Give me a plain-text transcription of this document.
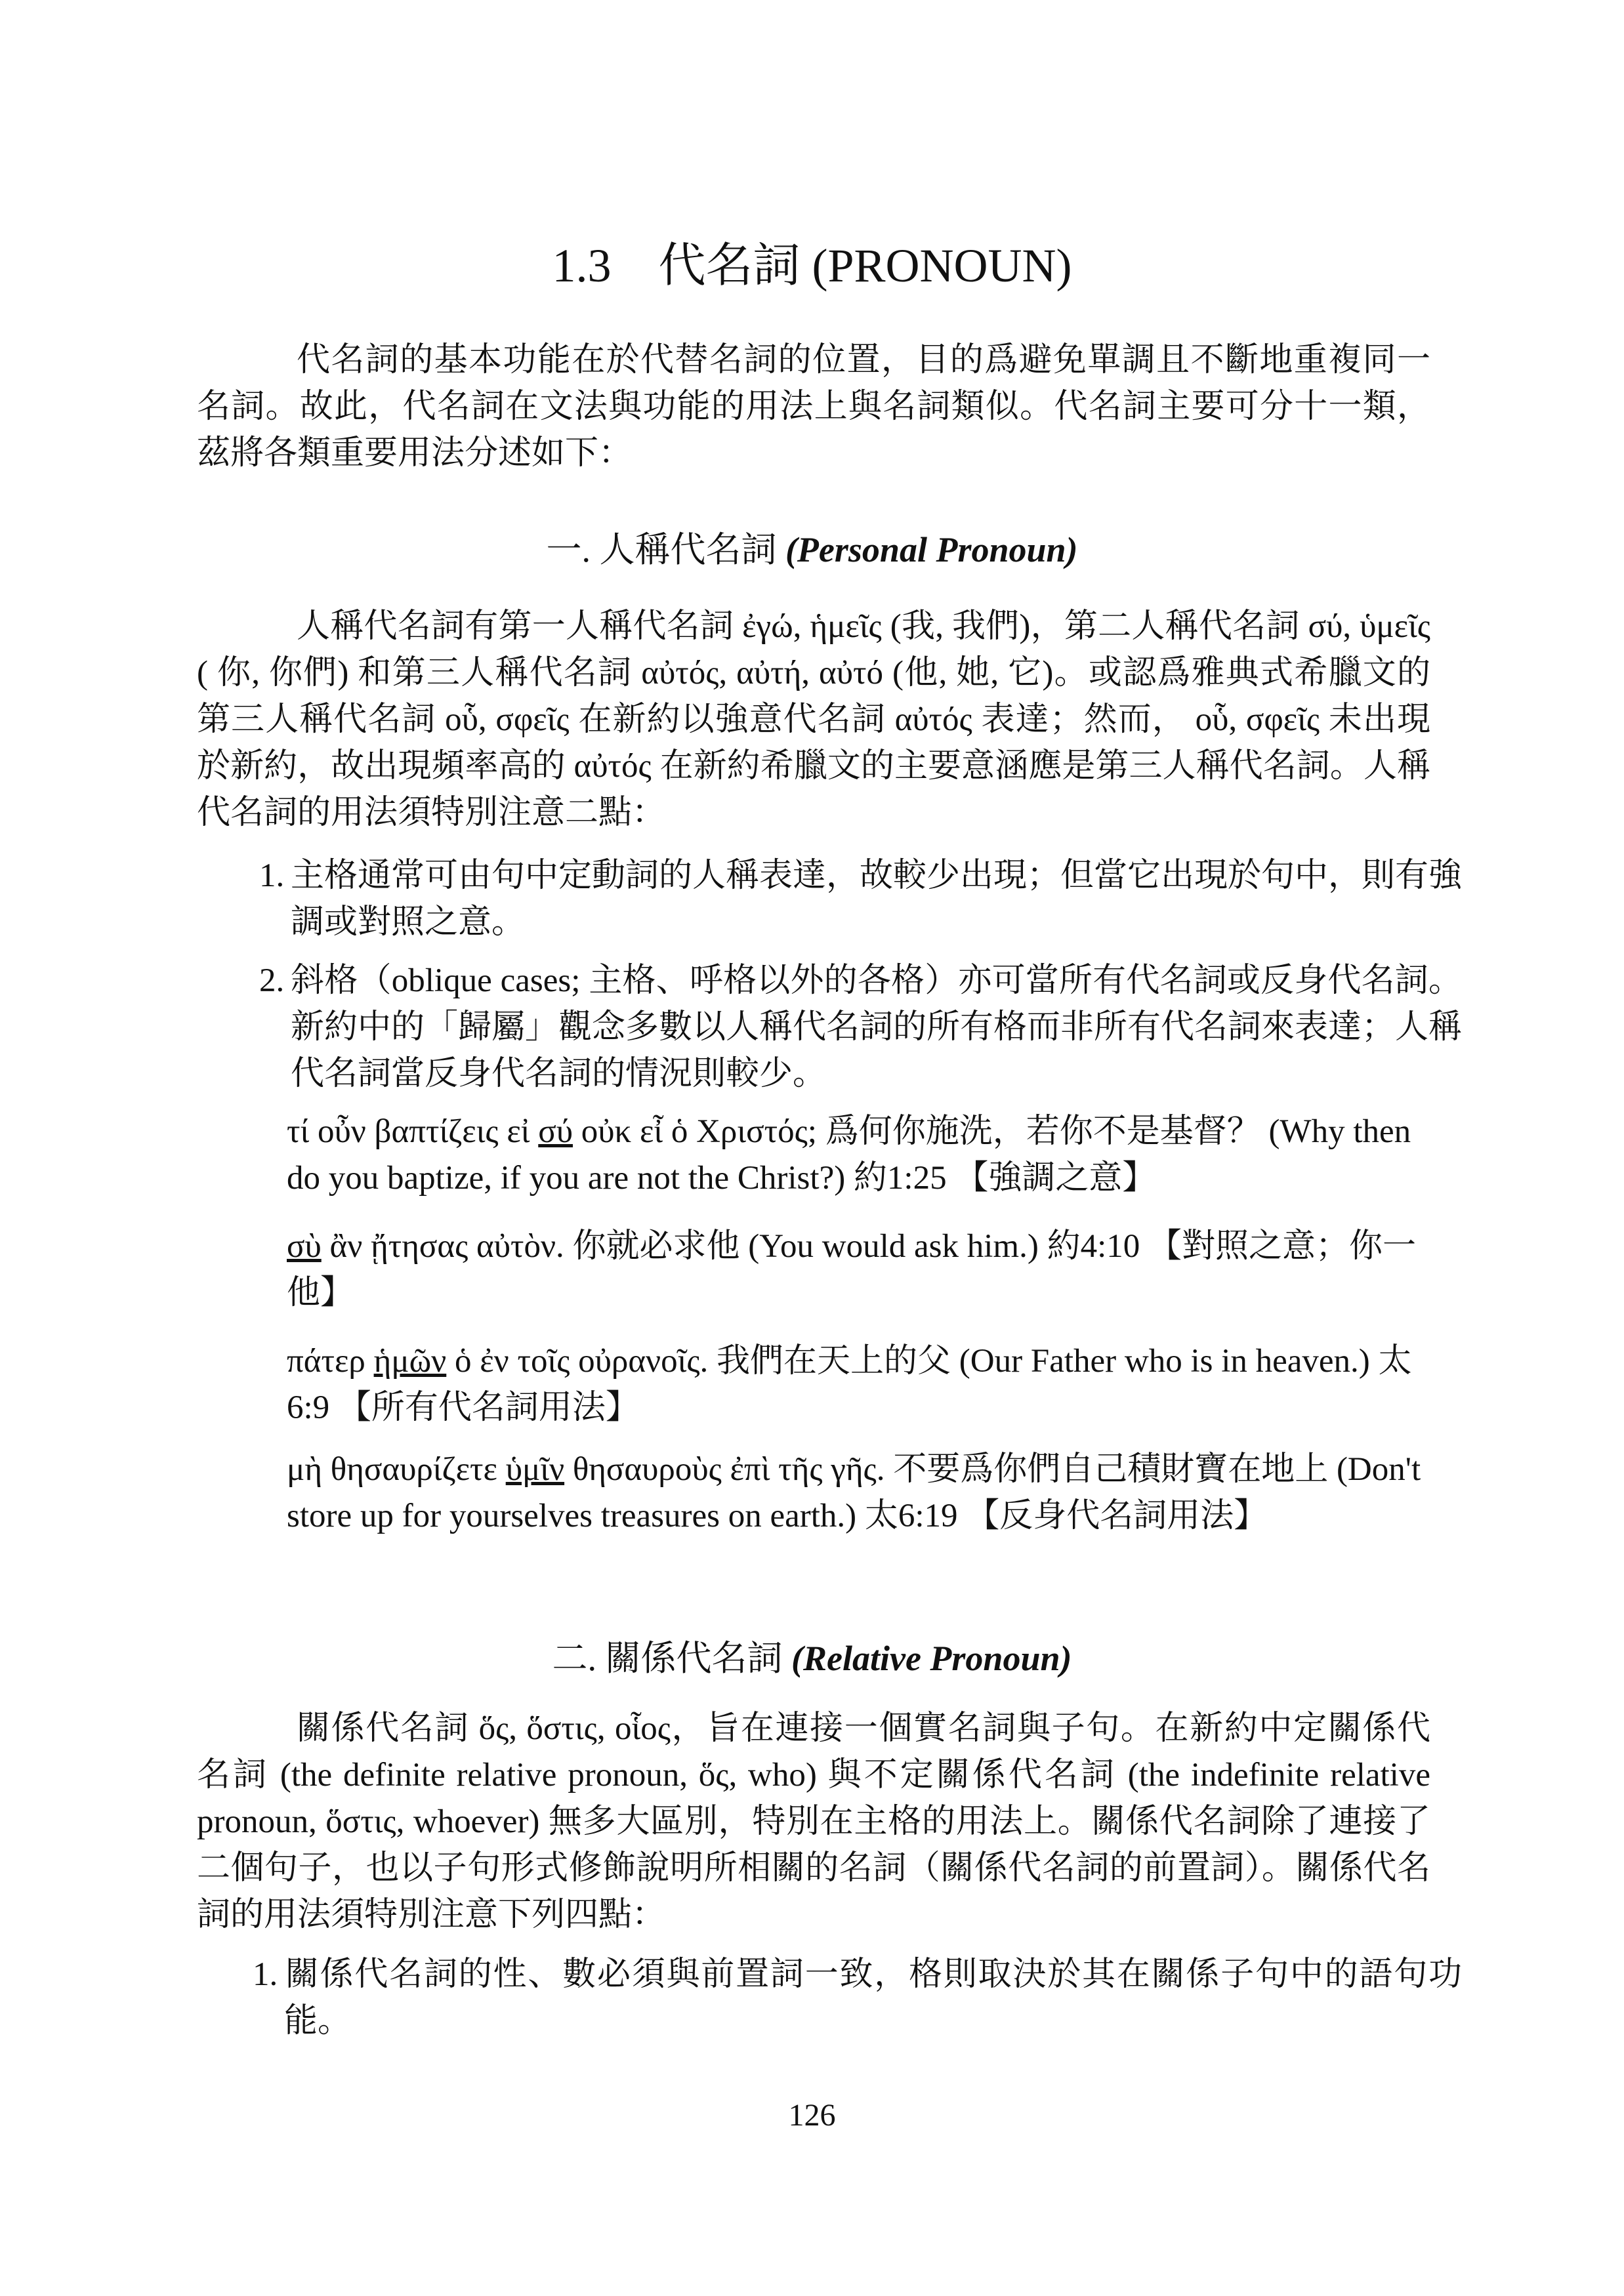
1.3　代名詞 (PRONOUN)

代名詞的基本功能在於代替名詞的位置，目的爲避免單調且不斷地重複同一名詞。故此，代名詞在文法與功能的用法上與名詞類似。代名詞主要可分十一類，茲將各類重要用法分述如下：

一. 人稱代名詞 (Personal Pronoun)

人稱代名詞有第一人稱代名詞 ἐγώ, ἡμεῖς (我, 我們)，第二人稱代名詞 σύ, ὑμεῖς ( 你, 你們) 和第三人稱代名詞 αὐτός, αὐτή, αὐτό (他, 她, 它)。或認爲雅典式希臘文的第三人稱代名詞 οὗ, σφεῖς 在新約以強意代名詞 αὐτός 表達；然而， οὗ, σφεῖς 未出現於新約，故出現頻率高的 αὐτός 在新約希臘文的主要意涵應是第三人稱代名詞。人稱代名詞的用法須特別注意二點：

1. 主格通常可由句中定動詞的人稱表達，故較少出現；但當它出現於句中，則有強調或對照之意。

2. 斜格（oblique cases; 主格、呼格以外的各格）亦可當所有代名詞或反身代名詞。新約中的「歸屬」觀念多數以人稱代名詞的所有格而非所有代名詞來表達；人稱代名詞當反身代名詞的情況則較少。

τί οὖν βαπτίζεις εἰ σύ οὐκ εἶ ὁ Χριστός; 爲何你施洗，若你不是基督？ (Why then do you baptize, if you are not the Christ?) 約1:25 【強調之意】

σὺ ἂν ᾔτησας αὐτὸν. 你就必求他 (You would ask him.) 約4:10 【對照之意；你一他】

πάτερ ἡμῶν ὁ ἐν τοῖς οὐρανοῖς. 我們在天上的父 (Our Father who is in heaven.) 太6:9 【所有代名詞用法】

μὴ θησαυρίζετε ὑμῖν θησαυροὺς ἐπὶ τῆς γῆς. 不要爲你們自己積財寶在地上 (Don't store up for yourselves treasures on earth.) 太6:19 【反身代名詞用法】

二. 關係代名詞 (Relative Pronoun)

關係代名詞 ὅς, ὅστις, οἷος，旨在連接一個實名詞與子句。在新約中定關係代名詞 (the definite relative pronoun, ὅς, who) 與不定關係代名詞 (the indefinite relative pronoun, ὅστις, whoever) 無多大區別，特別在主格的用法上。關係代名詞除了連接了二個句子，也以子句形式修飾說明所相關的名詞（關係代名詞的前置詞）。關係代名詞的用法須特別注意下列四點：

1. 關係代名詞的性、數必須與前置詞一致，格則取決於其在關係子句中的語句功能。

126
